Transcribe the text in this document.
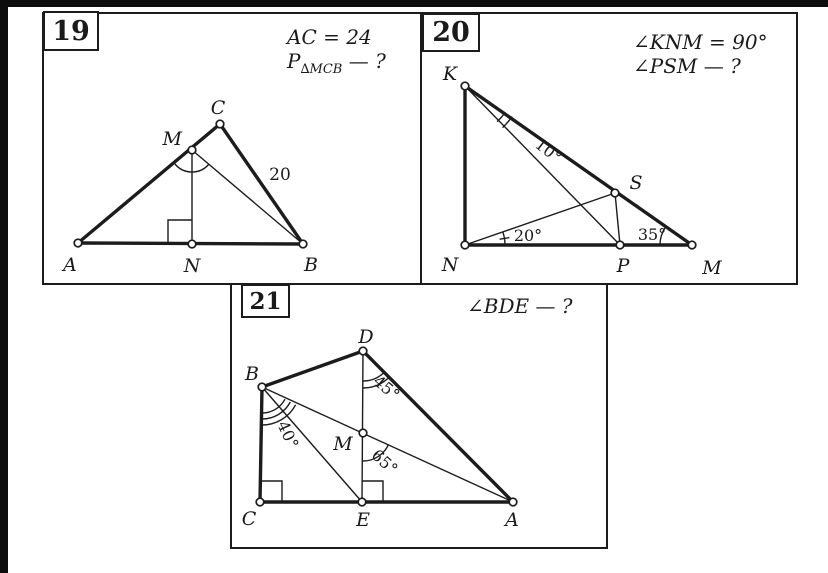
19	AC = 24
$P_{\Delta MCB}$ — ?
A	N	B
C
M
20
20	∠KNM = 90°
∠PSM — ?
K
N	P	M
S
10°
20°	35°
21	∠BDE — ?
D
B
C	E	A
M
45°
40°
65°
